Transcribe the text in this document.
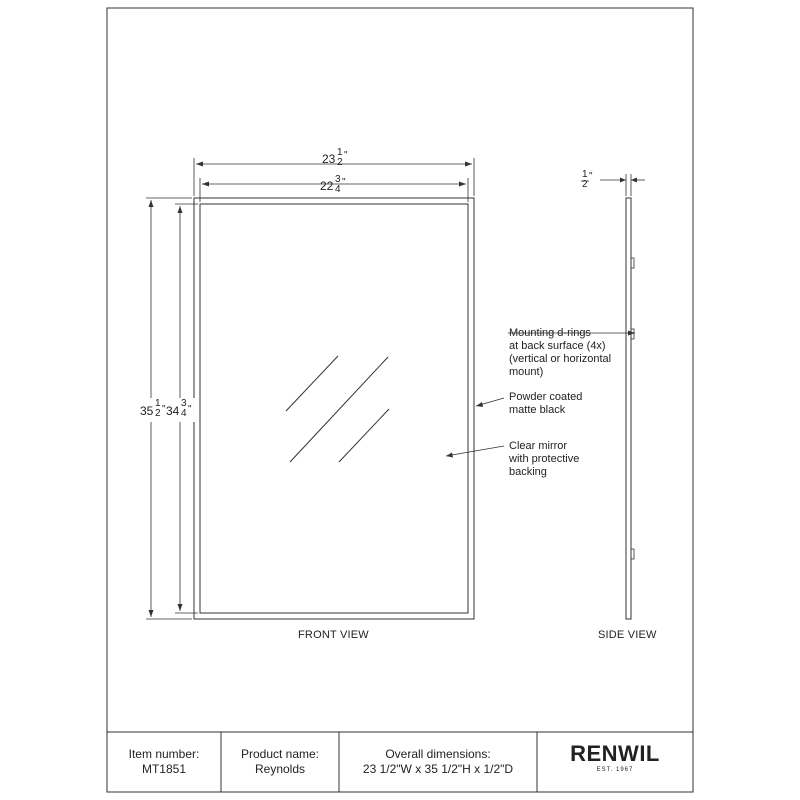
23 1
2
"
22 3
4
"
35
1
2 " 34
3
4 "
1
2
"
Mounting d-rings
at back surface (4x)
(vertical or horizontal
mount)
Powder coated
matte black
Clear mirror
with protective
backing
FRONT VIEW	SIDE VIEW
Item number:
MT1851
Product name:
Reynolds
Overall dimensions:
23 1/2"W x 35 1/2"H x 1/2"D
RENWIL
EST. 1967
